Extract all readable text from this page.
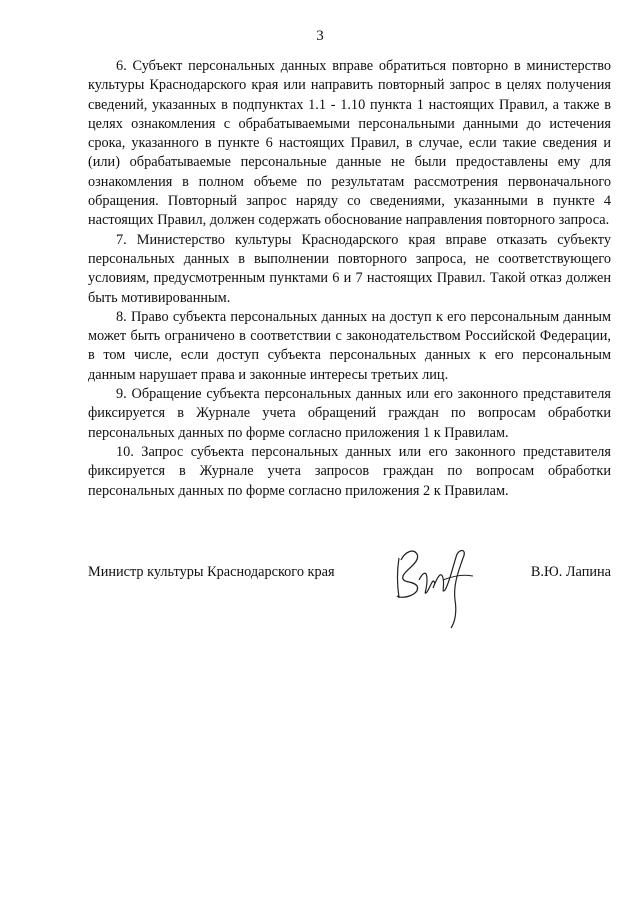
3

6. Субъект персональных данных вправе обратиться повторно в министерство культуры Краснодарского края или направить повторный запрос в целях получения сведений, указанных в подпунктах 1.1 - 1.10 пункта 1 настоящих Правил, а также в целях ознакомления с обрабатываемыми персональными данными до истечения срока, указанного в пункте 6 настоящих Правил, в случае, если такие сведения и (или) обрабатываемые персональные данные не были предоставлены ему для ознакомления в полном объеме по результатам рассмотрения первоначального обращения. Повторный запрос наряду со сведениями, указанными в пункте 4 настоящих Правил, должен содержать обоснование направления повторного запроса.

7. Министерство культуры Краснодарского края вправе отказать субъекту персональных данных в выполнении повторного запроса, не соответствующего условиям, предусмотренным пунктами 6 и 7 настоящих Правил. Такой отказ должен быть мотивированным.

8. Право субъекта персональных данных на доступ к его персональным данным может быть ограничено в соответствии с законодательством Российской Федерации, в том числе, если доступ субъекта персональных данных к его персональным данным нарушает права и законные интересы третьих лиц.

9. Обращение субъекта персональных данных или его законного представителя фиксируется в Журнале учета обращений граждан по вопросам обработки персональных данных по форме согласно приложения 1 к Правилам.

10. Запрос субъекта персональных данных или его законного представителя фиксируется в Журнале учета запросов граждан по вопросам обработки персональных данных по форме согласно приложения 2 к Правилам.

Министр культуры Краснодарского края	В.Ю. Лапина
